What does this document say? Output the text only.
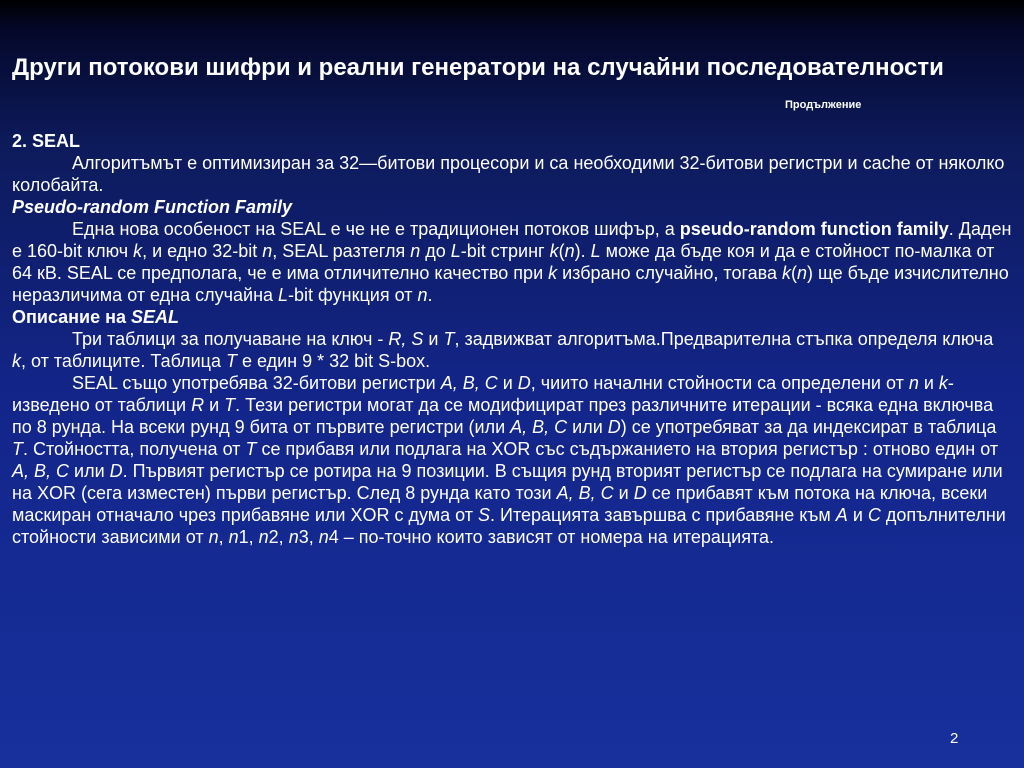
Други потокови шифри и реални генератори на случайни последователности
Продължение
2. SEAL
Алгоритъмът е оптимизиран за 32—битови процесори и са необходими 32-битови регистри и cache от няколко колобайта.
Pseudo-random Function Family
Една нова особеност на SEAL е че не е традиционен потоков шифър, а pseudo-random function family. Даден е 160-bit ключ k, и едно 32-bit n, SEAL разтегля n до L-bit стринг k(n). L може да бъде коя и да е стойност по-малка от 64 кВ. SEAL се предполага, че е има отличително качество при k избрано случайно, тогава k(n) ще бъде изчислително неразличима от една случайна L-bit функция от n.
Описание на SEAL
Три таблици за получаване на ключ - R, S и T, задвижват алгоритъма.Предварителна стъпка определя ключа k, от таблиците. Таблица T е един 9 * 32 bit S-box.
SEAL също употребява 32-битови регистри A, B, C и D, чиито начални стойности са определени от n и k- изведено от таблици R и T. Тези регистри могат да се модифицират през различните итерации - всяка една включва по 8 рунда. На всеки рунд 9 бита от първите регистри (или A, B, C или D) се употребяват за да индексират в таблица T. Стойността, получена от T се прибавя или подлага на XOR със съдържанието на втория регистър : отново един от A, B, C или D. Първият регистър се ротира на 9 позиции. В същия рунд вторият регистър се подлага на сумиране или на XOR (сега изместен) първи регистър. След 8 рунда като този A, B, C и D се прибавят към потока на ключа, всеки маскиран отначало чрез прибавяне или XOR с дума от S. Итерацията завършва с прибавяне към A и C допълнителни стойности зависими от n, n1, n2, n3, n4 – по-точно които зависят от номера на итерацията.
2
